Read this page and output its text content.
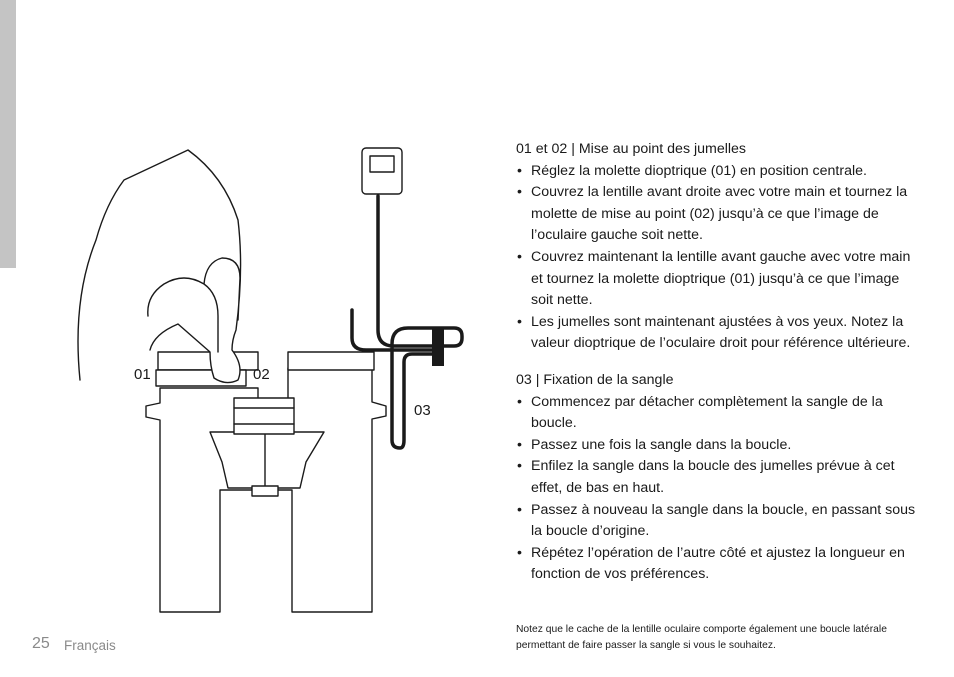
01	02
03
01 et 02 | Mise au point des jumelles
• Réglez la molette dioptrique (01) en position centrale.
• Couvrez la lentille avant droite avec votre main et tournez la molette de mise au point (02) jusqu’à ce que l’image de l’oculaire gauche soit nette.
• Couvrez maintenant la lentille avant gauche avec votre main et tournez la molette dioptrique (01) jusqu’à ce que l’image soit nette.
• Les jumelles sont maintenant ajustées à vos yeux. Notez la valeur dioptrique de l’oculaire droit pour référence ultérieure.
03 | Fixation de la sangle
• Commencez par détacher complètement la sangle de la boucle.
• Passez une fois la sangle dans la boucle.
• Enfilez la sangle dans la boucle des jumelles prévue à cet effet, de bas en haut.
• Passez à nouveau la sangle dans la boucle, en passant sous la boucle d’origine.
• Répétez l’opération de l’autre côté et ajustez la longueur en fonction de vos préférences.
Notez que le cache de la lentille oculaire comporte également une boucle latérale permettant de faire passer la sangle si vous le souhaitez.
25 Français
